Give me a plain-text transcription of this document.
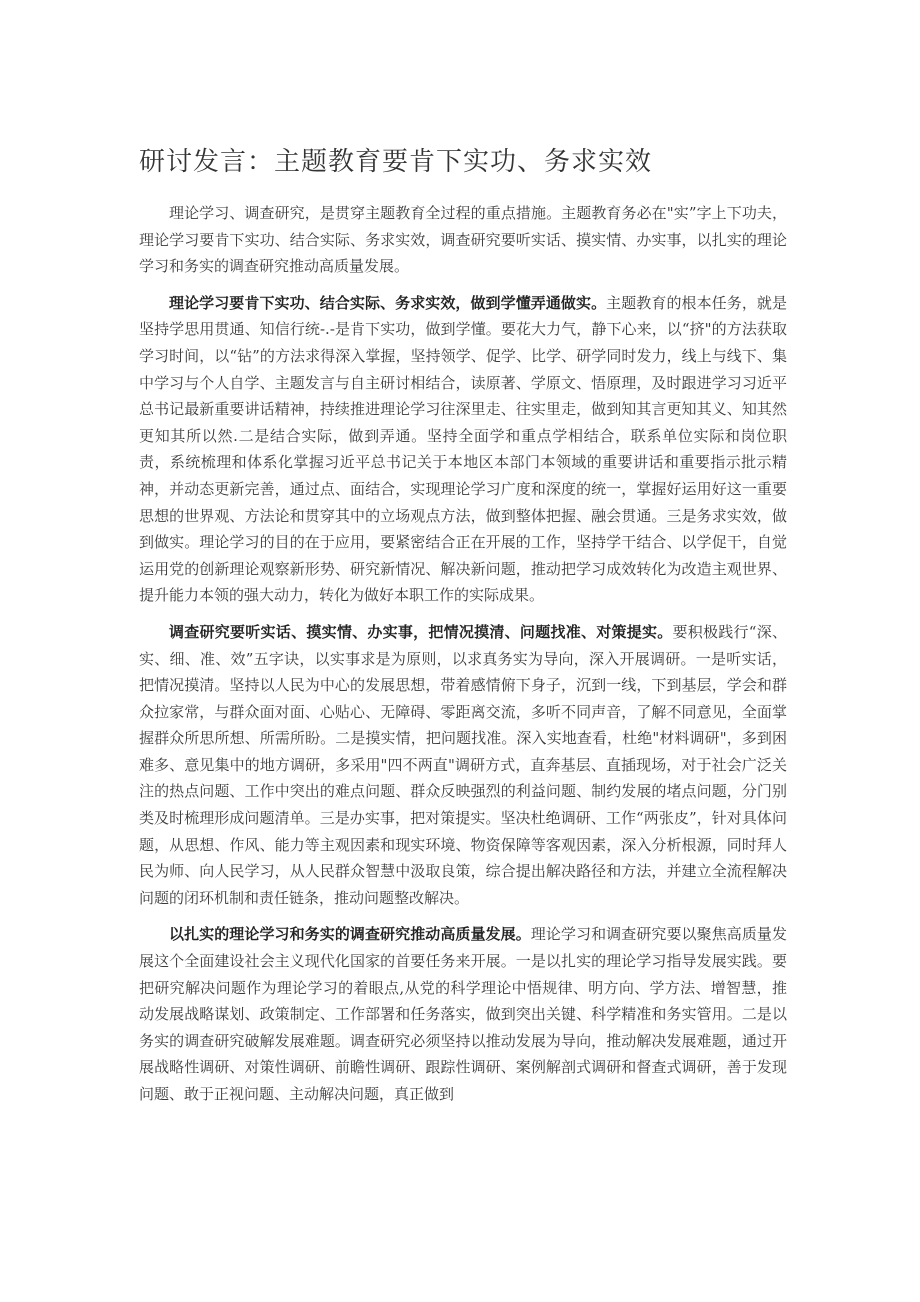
研讨发言：主题教育要肯下实功、务求实效

理论学习、调查研究，是贯穿主题教育全过程的重点措施。主题教育务必在"实”字上下功夫，理论学习要肯下实功、结合实际、务求实效，调查研究要听实话、摸实情、办实事，以扎实的理论学习和务实的调查研究推动高质量发展。

理论学习要肯下实功、结合实际、务求实效，做到学懂弄通做实。主题教育的根本任务，就是坚持学思用贯通、知信行统-.-是肯下实功，做到学懂。要花大力气，静下心来，以“挤"的方法获取学习时间，以“钻”的方法求得深入掌握，坚持领学、促学、比学、研学同时发力，线上与线下、集中学习与个人自学、主题发言与自主研讨相结合，读原著、学原文、悟原理，及时跟进学习习近平总书记最新重要讲话精神，持续推进理论学习往深里走、往实里走，做到知其言更知其义、知其然更知其所以然.二是结合实际，做到弄通。坚持全面学和重点学相结合，联系单位实际和岗位职责，系统梳理和体系化掌握习近平总书记关于本地区本部门本领域的重要讲话和重要指示批示精神，并动态更新完善，通过点、面结合，实现理论学习广度和深度的统一，掌握好运用好这一重要思想的世界观、方法论和贯穿其中的立场观点方法，做到整体把握、融会贯通。三是务求实效，做到做实。理论学习的目的在于应用，要紧密结合正在开展的工作，坚持学干结合、以学促干，自觉运用党的创新理论观察新形势、研究新情况、解决新问题，推动把学习成效转化为改造主观世界、提升能力本领的强大动力，转化为做好本职工作的实际成果。

调查研究要听实话、摸实情、办实事，把情况摸清、问题找准、对策提实。要积极践行“深、实、细、准、效”五字诀，以实事求是为原则，以求真务实为导向，深入开展调研。一是听实话，把情况摸清。坚持以人民为中心的发展思想，带着感情俯下身子，沉到一线，下到基层，学会和群众拉家常，与群众面对面、心贴心、无障碍、零距离交流，多听不同声音，了解不同意见，全面掌握群众所思所想、所需所盼。二是摸实情，把问题找准。深入实地查看，杜绝"材料调研"，多到困难多、意见集中的地方调研，多采用"四不两直"调研方式，直奔基层、直插现场，对于社会广泛关注的热点问题、工作中突出的难点问题、群众反映强烈的利益问题、制约发展的堵点问题，分门别类及时梳理形成问题清单。三是办实事，把对策提实。坚决杜绝调研、工作“两张皮”，针对具体问题，从思想、作风、能力等主观因素和现实环境、物资保障等客观因素，深入分析根源，同时拜人民为师、向人民学习，从人民群众智慧中汲取良策，综合提出解决路径和方法，并建立全流程解决问题的闭环机制和责任链条，推动问题整改解决。

以扎实的理论学习和务实的调查研究推动高质量发展。理论学习和调查研究要以聚焦高质量发展这个全面建设社会主义现代化国家的首要任务来开展。一是以扎实的理论学习指导发展实践。要把研究解决问题作为理论学习的着眼点,从党的科学理论中悟规律、明方向、学方法、增智慧，推动发展战略谋划、政策制定、工作部署和任务落实，做到突出关键、科学精准和务实管用。二是以务实的调查研究破解发展难题。调查研究必须坚持以推动发展为导向，推动解决发展难题，通过开展战略性调研、对策性调研、前瞻性调研、跟踪性调研、案例解剖式调研和督查式调研，善于发现问题、敢于正视问题、主动解决问题，真正做到
